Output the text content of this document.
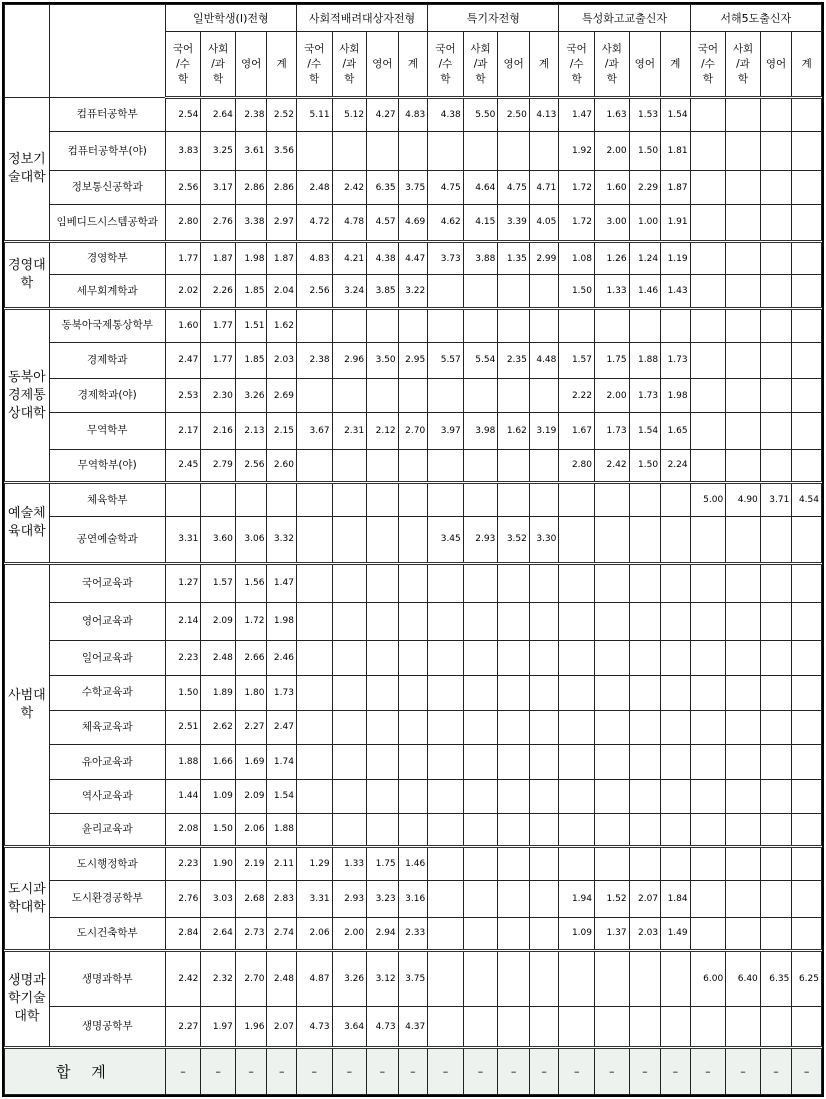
		일반학생(Ⅰ)전형				사회적배려대상자전형				특기자전형				특성화고교출신자				서해5도출신자			
		국어
/수
학	사회
/과
학	영어	계	국어
/수
학	사회
/과
학	영어	계	국어
/수
학	사회
/과
학	영어	계	국어
/수
학	사회
/과
학	영어	계	국어
/수
학	사회
/과
학	영어	계
정보기술대학	컴퓨터공학부	2.54	2.64	2.38	2.52	5.11	5.12	4.27	4.83	4.38	5.50	2.50	4.13	1.47	1.63	1.53	1.54				
	컴퓨터공학부(야)	3.83	3.25	3.61	3.56									1.92	2.00	1.50	1.81				
	정보통신공학과	2.56	3.17	2.86	2.86	2.48	2.42	6.35	3.75	4.75	4.64	4.75	4.71	1.72	1.60	2.29	1.87				
	임베디드시스템공학과	2.80	2.76	3.38	2.97	4.72	4.78	4.57	4.69	4.62	4.15	3.39	4.05	1.72	3.00	1.00	1.91				
경영대학	경영학부	1.77	1.87	1.98	1.87	4.83	4.21	4.38	4.47	3.73	3.88	1.35	2.99	1.08	1.26	1.24	1.19				
	세무회계학과	2.02	2.26	1.85	2.04	2.56	3.24	3.85	3.22					1.50	1.33	1.46	1.43				
동북아경제통상대학	동북아국제통상학부	1.60	1.77	1.51	1.62																
	경제학과	2.47	1.77	1.85	2.03	2.38	2.96	3.50	2.95	5.57	5.54	2.35	4.48	1.57	1.75	1.88	1.73				
	경제학과(야)	2.53	2.30	3.26	2.69									2.22	2.00	1.73	1.98				
	무역학부	2.17	2.16	2.13	2.15	3.67	2.31	2.12	2.70	3.97	3.98	1.62	3.19	1.67	1.73	1.54	1.65				
	무역학부(야)	2.45	2.79	2.56	2.60									2.80	2.42	1.50	2.24				
예술체육대학	체육학부																	5.00	4.90	3.71	4.54
	공연예술학과	3.31	3.60	3.06	3.32					3.45	2.93	3.52	3.30								
사범대학	국어교육과	1.27	1.57	1.56	1.47																
	영어교육과	2.14	2.09	1.72	1.98																
	일어교육과	2.23	2.48	2.66	2.46																
	수학교육과	1.50	1.89	1.80	1.73																
	체육교육과	2.51	2.62	2.27	2.47																
	유아교육과	1.88	1.66	1.69	1.74																
	역사교육과	1.44	1.09	2.09	1.54																
	윤리교육과	2.08	1.50	2.06	1.88																
도시과학대학	도시행정학과	2.23	1.90	2.19	2.11	1.29	1.33	1.75	1.46												
	도시환경공학부	2.76	3.03	2.68	2.83	3.31	2.93	3.23	3.16					1.94	1.52	2.07	1.84				
	도시건축학부	2.84	2.64	2.73	2.74	2.06	2.00	2.94	2.33					1.09	1.37	2.03	1.49				
생명과학기술대학	생명과학부	2.42	2.32	2.70	2.48	4.87	3.26	3.12	3.75									6.00	6.40	6.35	6.25
	생명공학부	2.27	1.97	1.96	2.07	4.73	3.64	4.73	4.37												
합 계		–	–	–	–	–	–	–	–	–	–	–	–	–	–	–	–	–	–	–	–
